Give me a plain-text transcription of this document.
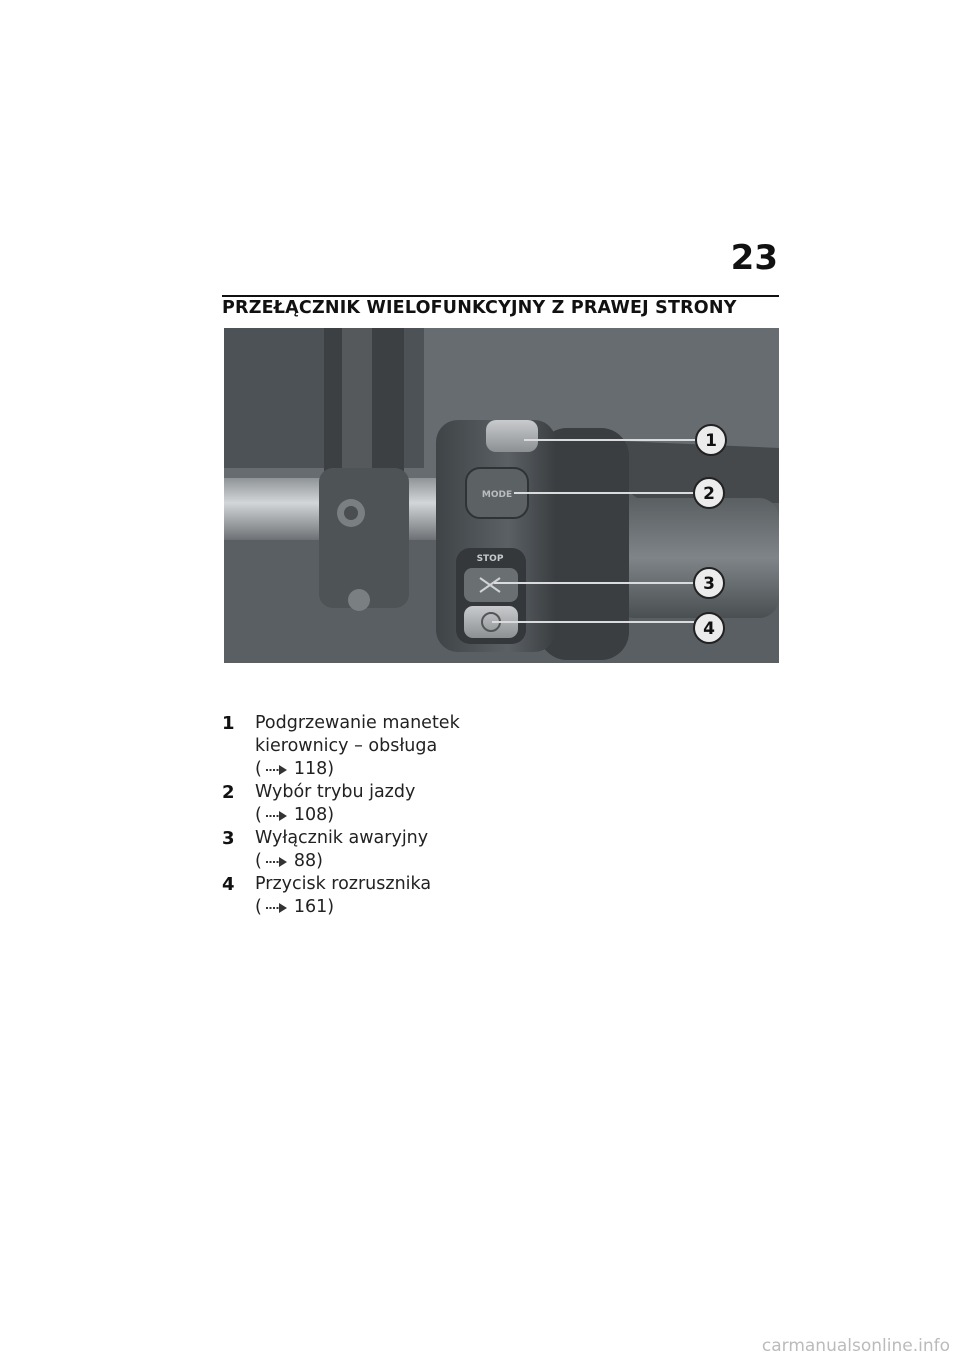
23
PRZEŁĄCZNIK WIELOFUNKCYJNY Z PRAWEJ STRONY
MODE
STOP
1
2
3
4
1	Podgrzewanie manetek
kierownicy – obsługa
( 118)
2	Wybór trybu jazdy
( 108)
3	Wyłącznik awaryjny
( 88)
4	Przycisk rozrusznika
( 161)
carmanualsonline.info
